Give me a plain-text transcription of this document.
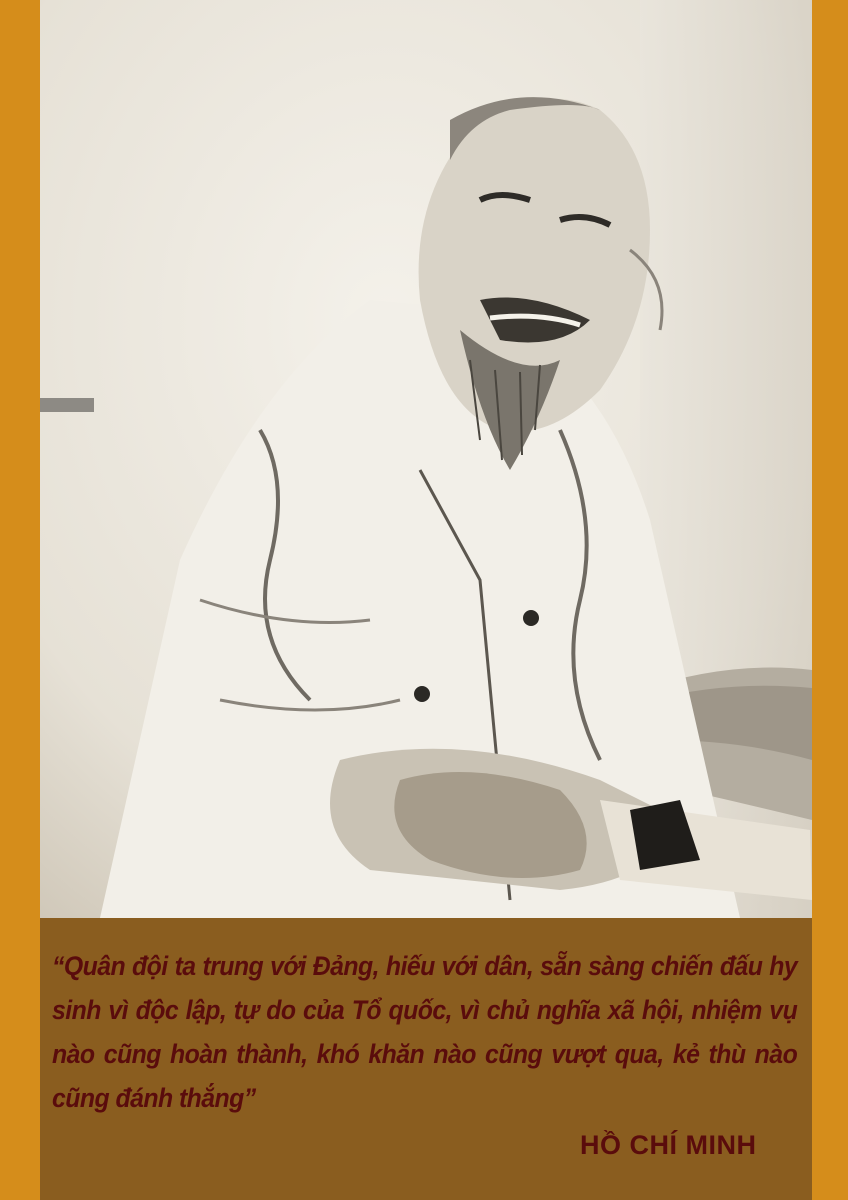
“Quân đội ta trung với Đảng, hiếu với dân, sẵn sàng chiến đấu hy sinh vì độc lập, tự do của Tổ quốc, vì chủ nghĩa xã hội, nhiệm vụ nào cũng hoàn thành, khó khăn nào cũng vượt qua, kẻ thù nào cũng đánh thắng”

HỒ CHÍ MINH
